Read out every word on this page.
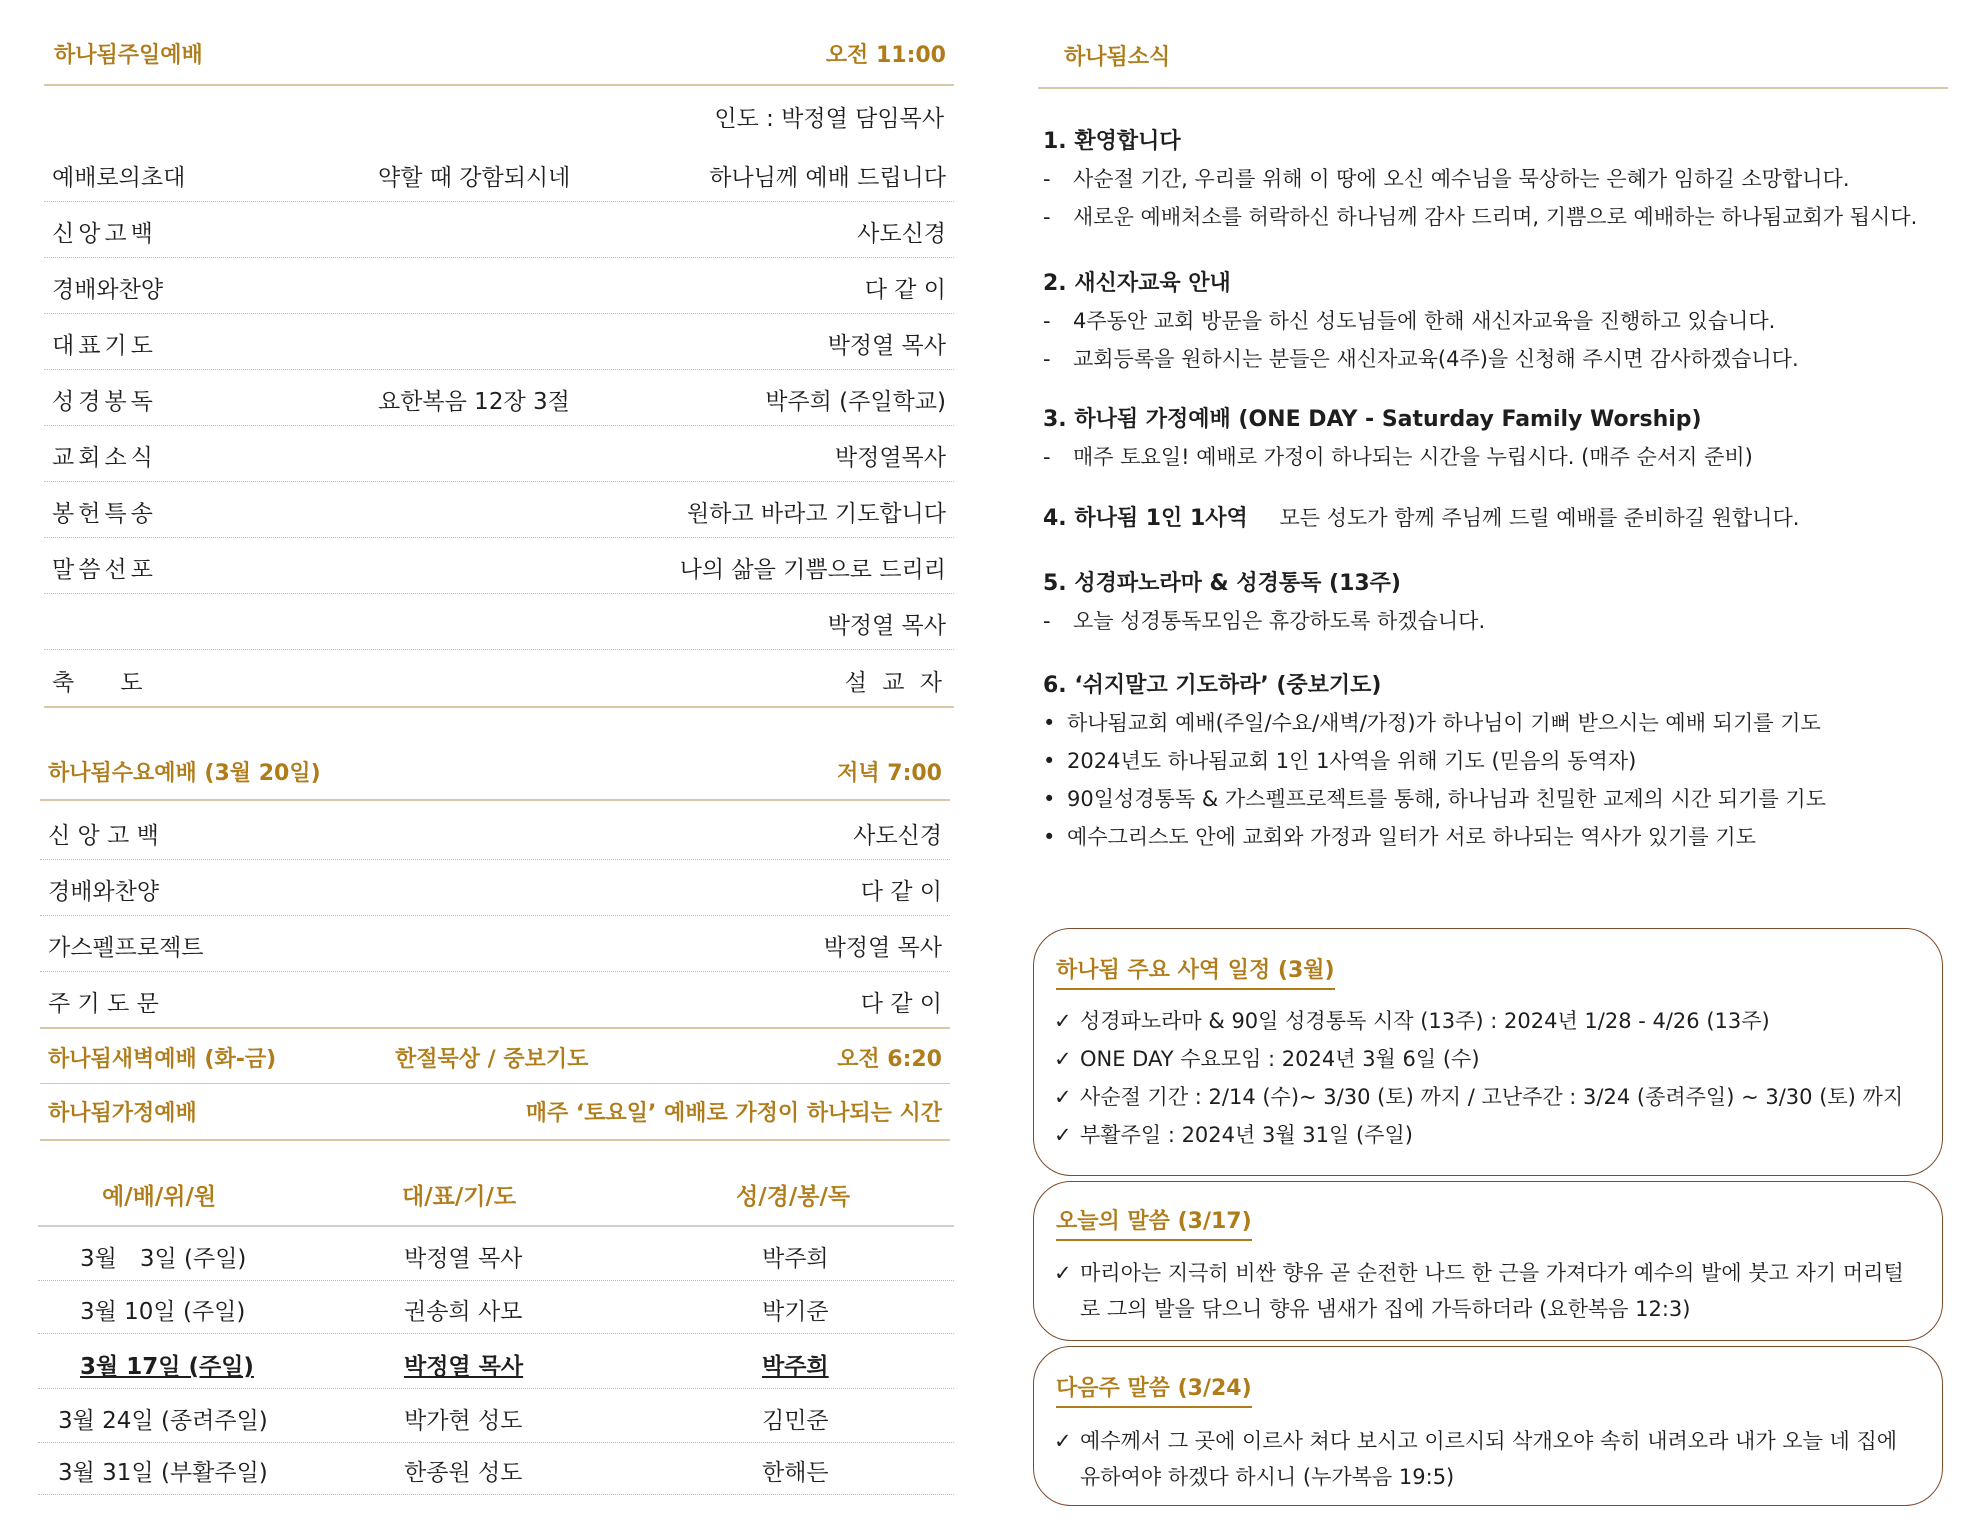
하나됨주일예배	오전 11:00
인도 : 박정열 담임목사
예배로의초대	약할 때 강함되시네	하나님께 예배 드립니다
신앙고백	사도신경
경배와찬양	다 같 이
대표기도	박정열 목사
성경봉독	요한복음 12장 3절	박주희 (주일학교)
교회소식	박정열목사
봉헌특송	원하고 바라고 기도합니다
말씀선포	나의 삶을 기쁨으로 드리리
박정열 목사
축　　도	설 교 자
하나됨수요예배 (3월 20일)	저녁 7:00
신 앙 고 백	사도신경
경배와찬양	다 같 이
가스펠프로젝트	박정열 목사
주 기 도 문	다 같 이
하나됨새벽예배 (화-금)	한절묵상 / 중보기도	오전 6:20
하나됨가정예배	매주 ‘토요일’ 예배로 가정이 하나되는 시간
예/배/위/원	대/표/기/도	성/경/봉/독
3월　3일 (주일)	박정열 목사	박주희
3월 10일 (주일)	권송희 사모	박기준
3월 17일 (주일)	박정열 목사	박주희
3월 24일 (종려주일)	박가현 성도	김민준
3월 31일 (부활주일)	한종원 성도	한해든
하나됨소식

1. 환영합니다

- 사순절 기간, 우리를 위해 이 땅에 오신 예수님을 묵상하는 은혜가 임하길 소망합니다.

- 새로운 예배처소를 허락하신 하나님께 감사 드리며, 기쁨으로 예배하는 하나됨교회가 됩시다.

2. 새신자교육 안내

- 4주동안 교회 방문을 하신 성도님들에 한해 새신자교육을 진행하고 있습니다.

- 교회등록을 원하시는 분들은 새신자교육(4주)을 신청해 주시면 감사하겠습니다.

3. 하나됨 가정예배 (ONE DAY - Saturday Family Worship)

- 매주 토요일! 예배로 가정이 하나되는 시간을 누립시다. (매주 순서지 준비)

4. 하나됨 1인 1사역 모든 성도가 함께 주님께 드릴 예배를 준비하길 원합니다.

5. 성경파노라마 & 성경통독 (13주)

- 오늘 성경통독모임은 휴강하도록 하겠습니다.

6. ‘쉬지말고 기도하라’ (중보기도)

• 하나됨교회 예배(주일/수요/새벽/가정)가 하나님이 기뻐 받으시는 예배 되기를 기도

• 2024년도 하나됨교회 1인 1사역을 위해 기도 (믿음의 동역자)

• 90일성경통독 & 가스펠프로젝트를 통해, 하나님과 친밀한 교제의 시간 되기를 기도

• 예수그리스도 안에 교회와 가정과 일터가 서로 하나되는 역사가 있기를 기도

하나됨 주요 사역 일정 (3월)
✓ 성경파노라마 & 90일 성경통독 시작 (13주) : 2024년 1/28 - 4/26 (13주)
✓ ONE DAY 수요모임 : 2024년 3월 6일 (수)
✓ 사순절 기간 : 2/14 (수)~ 3/30 (토) 까지 / 고난주간 : 3/24 (종려주일) ~ 3/30 (토) 까지
✓ 부활주일 : 2024년 3월 31일 (주일)
오늘의 말씀 (3/17)
✓ 마리아는 지극히 비싼 향유 곧 순전한 나드 한 근을 가져다가 예수의 발에 붓고 자기 머리털
로 그의 발을 닦으니 향유 냄새가 집에 가득하더라 (요한복음 12:3)
다음주 말씀 (3/24)
✓ 예수께서 그 곳에 이르사 쳐다 보시고 이르시되 삭개오야 속히 내려오라 내가 오늘 네 집에
유하여야 하겠다 하시니 (누가복음 19:5)
